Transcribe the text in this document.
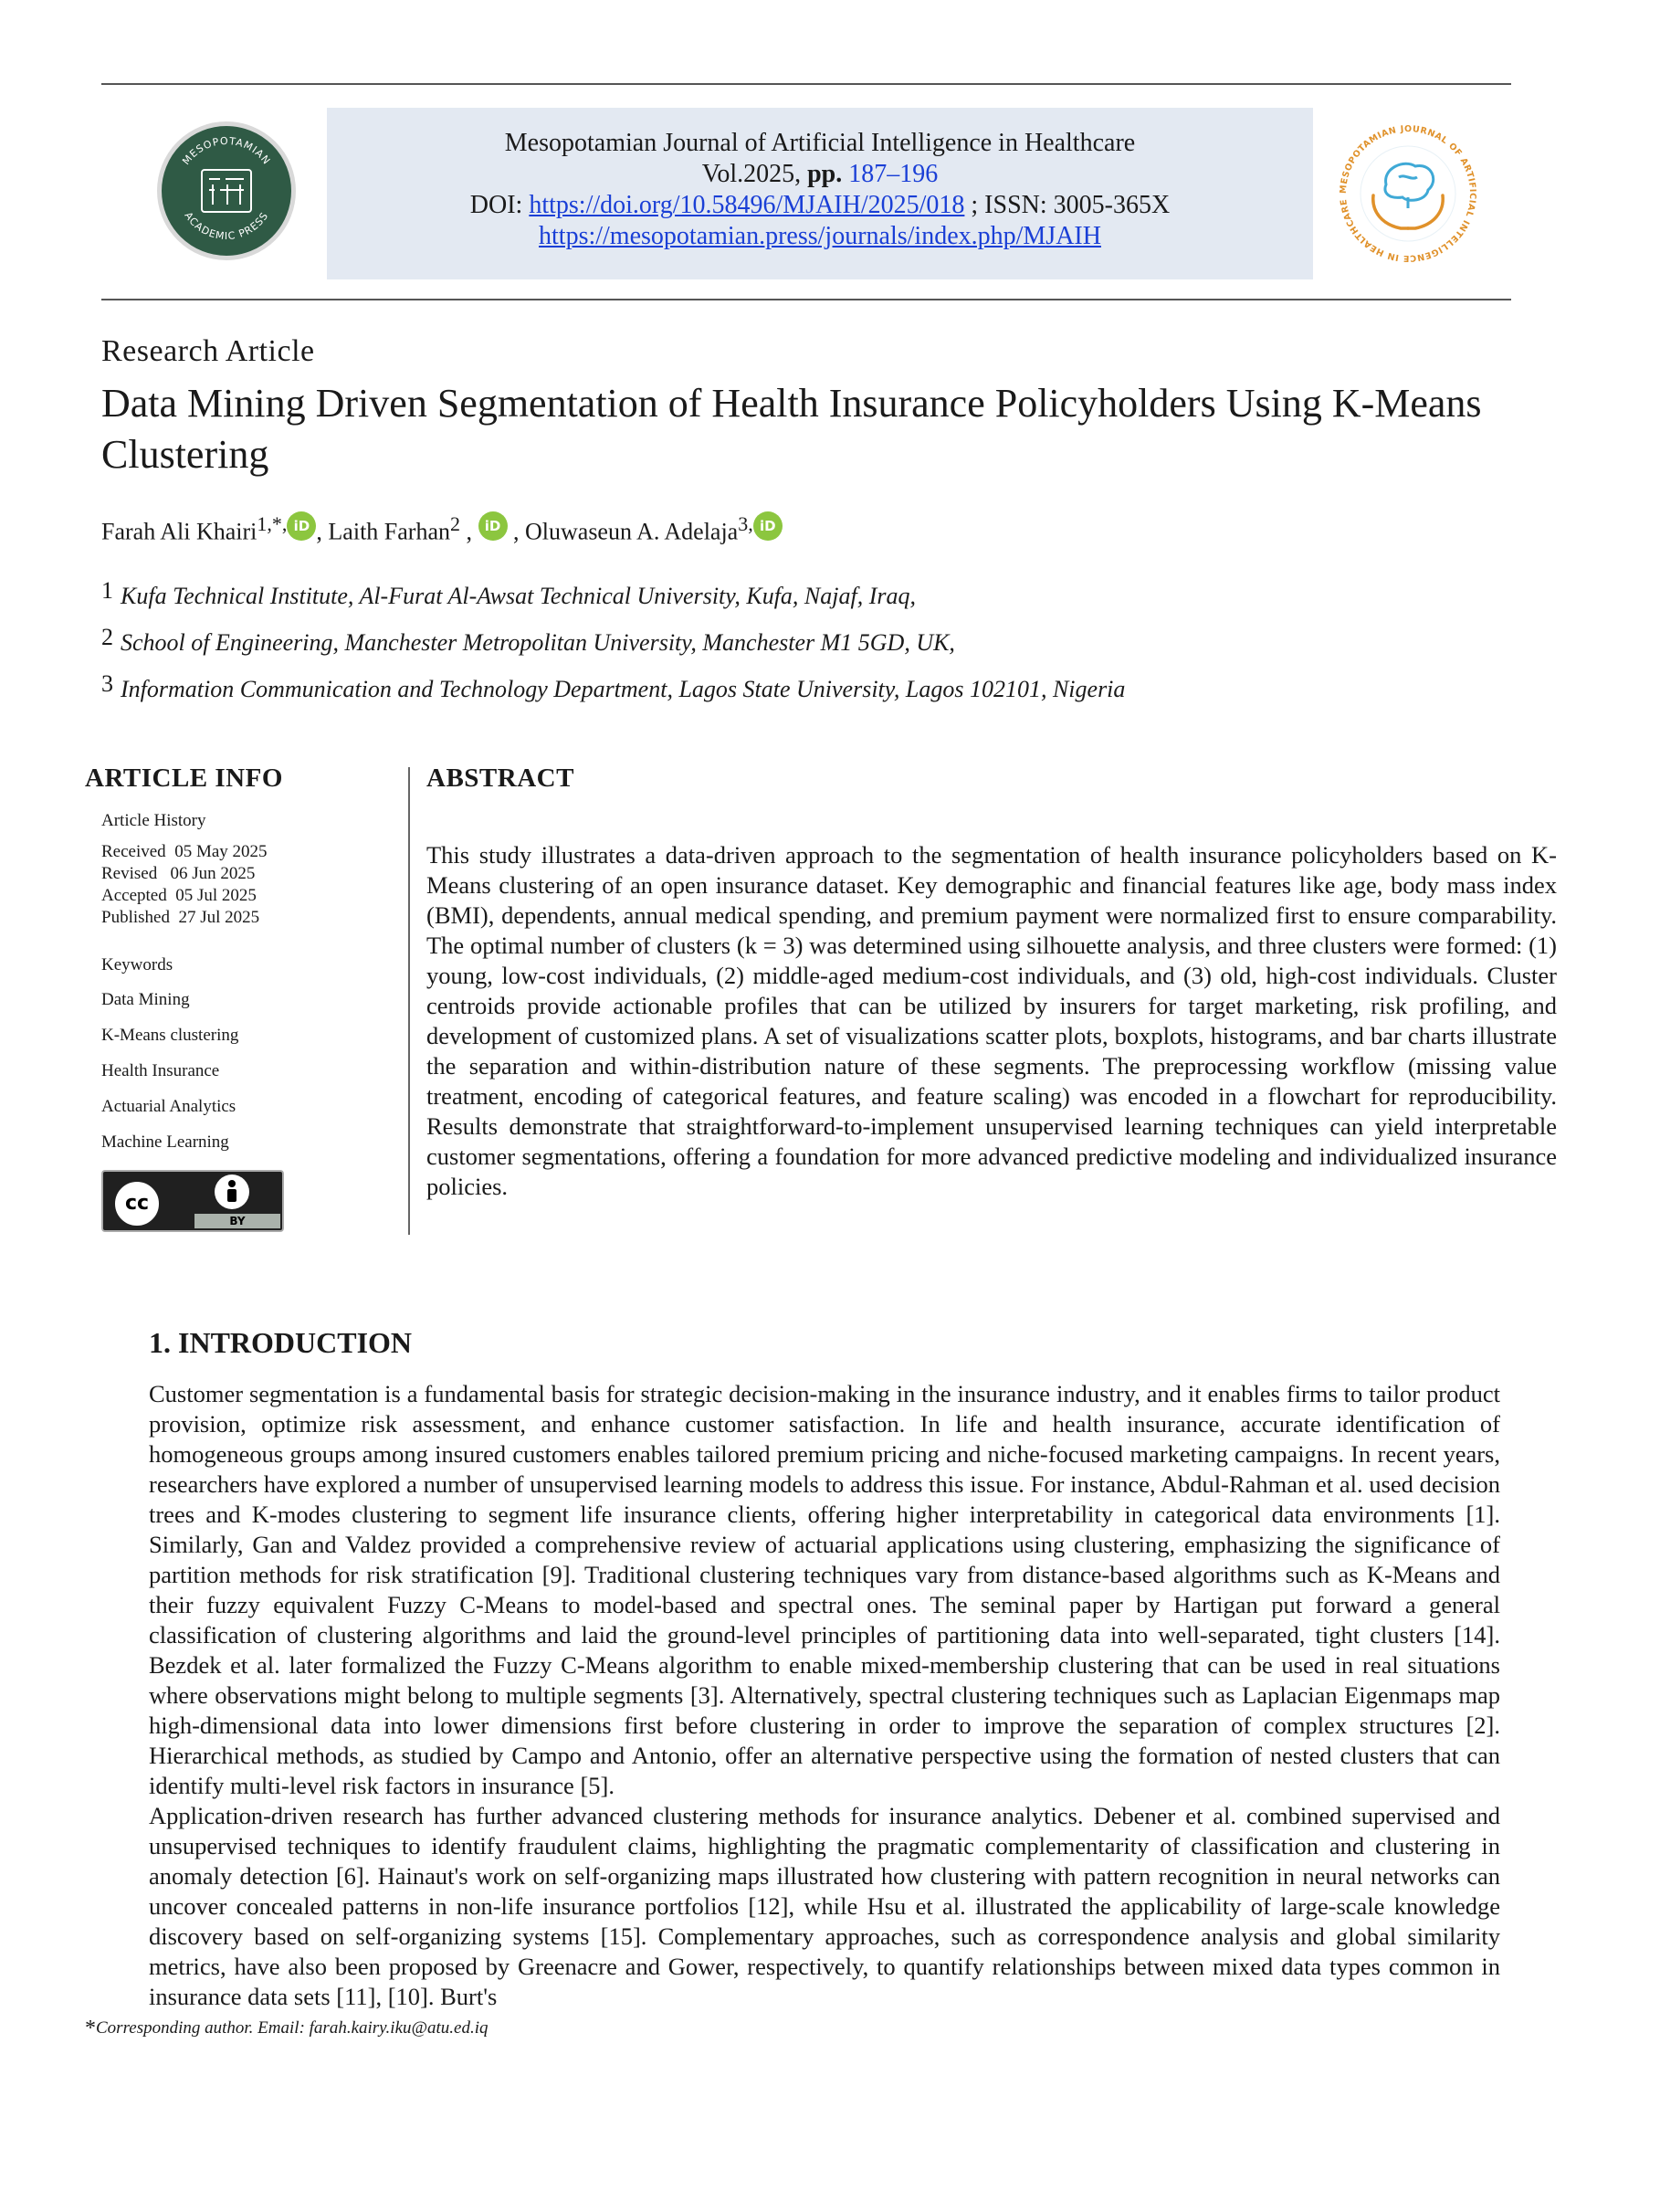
MESOPOTAMIAN
ACADEMIC PRESS
Mesopotamian Journal of Artificial Intelligence in Healthcare
Vol.2025, pp. 187–196
DOI: https://doi.org/10.58496/MJAIH/2025/018 ; ISSN: 3005-365X
https://mesopotamian.press/journals/index.php/MJAIH
MESOPOTAMIAN JOURNAL OF ARTIFICIAL INTELLIGENCE IN HEALTHCARE
Research Article
Data Mining Driven Segmentation of Health Insurance Policyholders Using K-Means Clustering
Farah Ali Khairi$^{1,*,}$ iD , Laith Farhan$^2$ , iD , Oluwaseun A. Adelaja$^{3,}$ iD
$^1$ Kufa Technical Institute, Al-Furat Al-Awsat Technical University, Kufa, Najaf, Iraq,
$^2$ School of Engineering, Manchester Metropolitan University, Manchester M1 5GD, UK,
$^3$ Information Communication and Technology Department, Lagos State University, Lagos 102101, Nigeria
ARTICLE INFO
Article History
Received 05 May 2025
Revised 06 Jun 2025
Accepted 05 Jul 2025
Published 27 Jul 2025
Keywords
Data Mining
K-Means clustering
Health Insurance
Actuarial Analytics
Machine Learning
cc
BY
ABSTRACT
This study illustrates a data-driven approach to the segmentation of health insurance policyholders based on K-Means clustering of an open insurance dataset. Key demographic and financial features like age, body mass index (BMI), dependents, annual medical spending, and premium payment were normalized first to ensure comparability. The optimal number of clusters (k = 3) was determined using silhouette analysis, and three clusters were formed: (1) young, low-cost individuals, (2) middle-aged medium-cost individuals, and (3) old, high-cost individuals. Cluster centroids provide actionable profiles that can be utilized by insurers for target marketing, risk profiling, and development of customized plans. A set of visualizations scatter plots, boxplots, histograms, and bar charts illustrate the separation and within-distribution nature of these segments. The preprocessing workflow (missing value treatment, encoding of categorical features, and feature scaling) was encoded in a flowchart for reproducibility. Results demonstrate that straightforward-to-implement unsupervised learning techniques can yield interpretable customer segmentations, offering a foundation for more advanced predictive modeling and individualized insurance policies.
1. INTRODUCTION

Customer segmentation is a fundamental basis for strategic decision-making in the insurance industry, and it enables firms to tailor product provision, optimize risk assessment, and enhance customer satisfaction. In life and health insurance, accurate identification of homogeneous groups among insured customers enables tailored premium pricing and niche-focused marketing campaigns. In recent years, researchers have explored a number of unsupervised learning models to address this issue. For instance, Abdul-Rahman et al. used decision trees and K-modes clustering to segment life insurance clients, offering higher interpretability in categorical data environments [1]. Similarly, Gan and Valdez provided a comprehensive review of actuarial applications using clustering, emphasizing the significance of partition methods for risk stratification [9]. Traditional clustering techniques vary from distance-based algorithms such as K-Means and their fuzzy equivalent Fuzzy C-Means to model-based and spectral ones. The seminal paper by Hartigan put forward a general classification of clustering algorithms and laid the ground-level principles of partitioning data into well-separated, tight clusters [14]. Bezdek et al. later formalized the Fuzzy C-Means algorithm to enable mixed-membership clustering that can be used in real situations where observations might belong to multiple segments [3]. Alternatively, spectral clustering techniques such as Laplacian Eigenmaps map high-dimensional data into lower dimensions first before clustering in order to improve the separation of complex structures [2]. Hierarchical methods, as studied by Campo and Antonio, offer an alternative perspective using the formation of nested clusters that can identify multi-level risk factors in insurance [5].

Application-driven research has further advanced clustering methods for insurance analytics. Debener et al. combined supervised and unsupervised techniques to identify fraudulent claims, highlighting the pragmatic complementarity of classification and clustering in anomaly detection [6]. Hainaut's work on self-organizing maps illustrated how clustering with pattern recognition in neural networks can uncover concealed patterns in non-life insurance portfolios [12], while Hsu et al. illustrated the applicability of large-scale knowledge discovery based on self-organizing systems [15]. Complementary approaches, such as correspondence analysis and global similarity metrics, have also been proposed by Greenacre and Gower, respectively, to quantify relationships between mixed data types common in insurance data sets [11], [10]. Burt's

*Corresponding author. Email: farah.kairy.iku@atu.ed.iq
